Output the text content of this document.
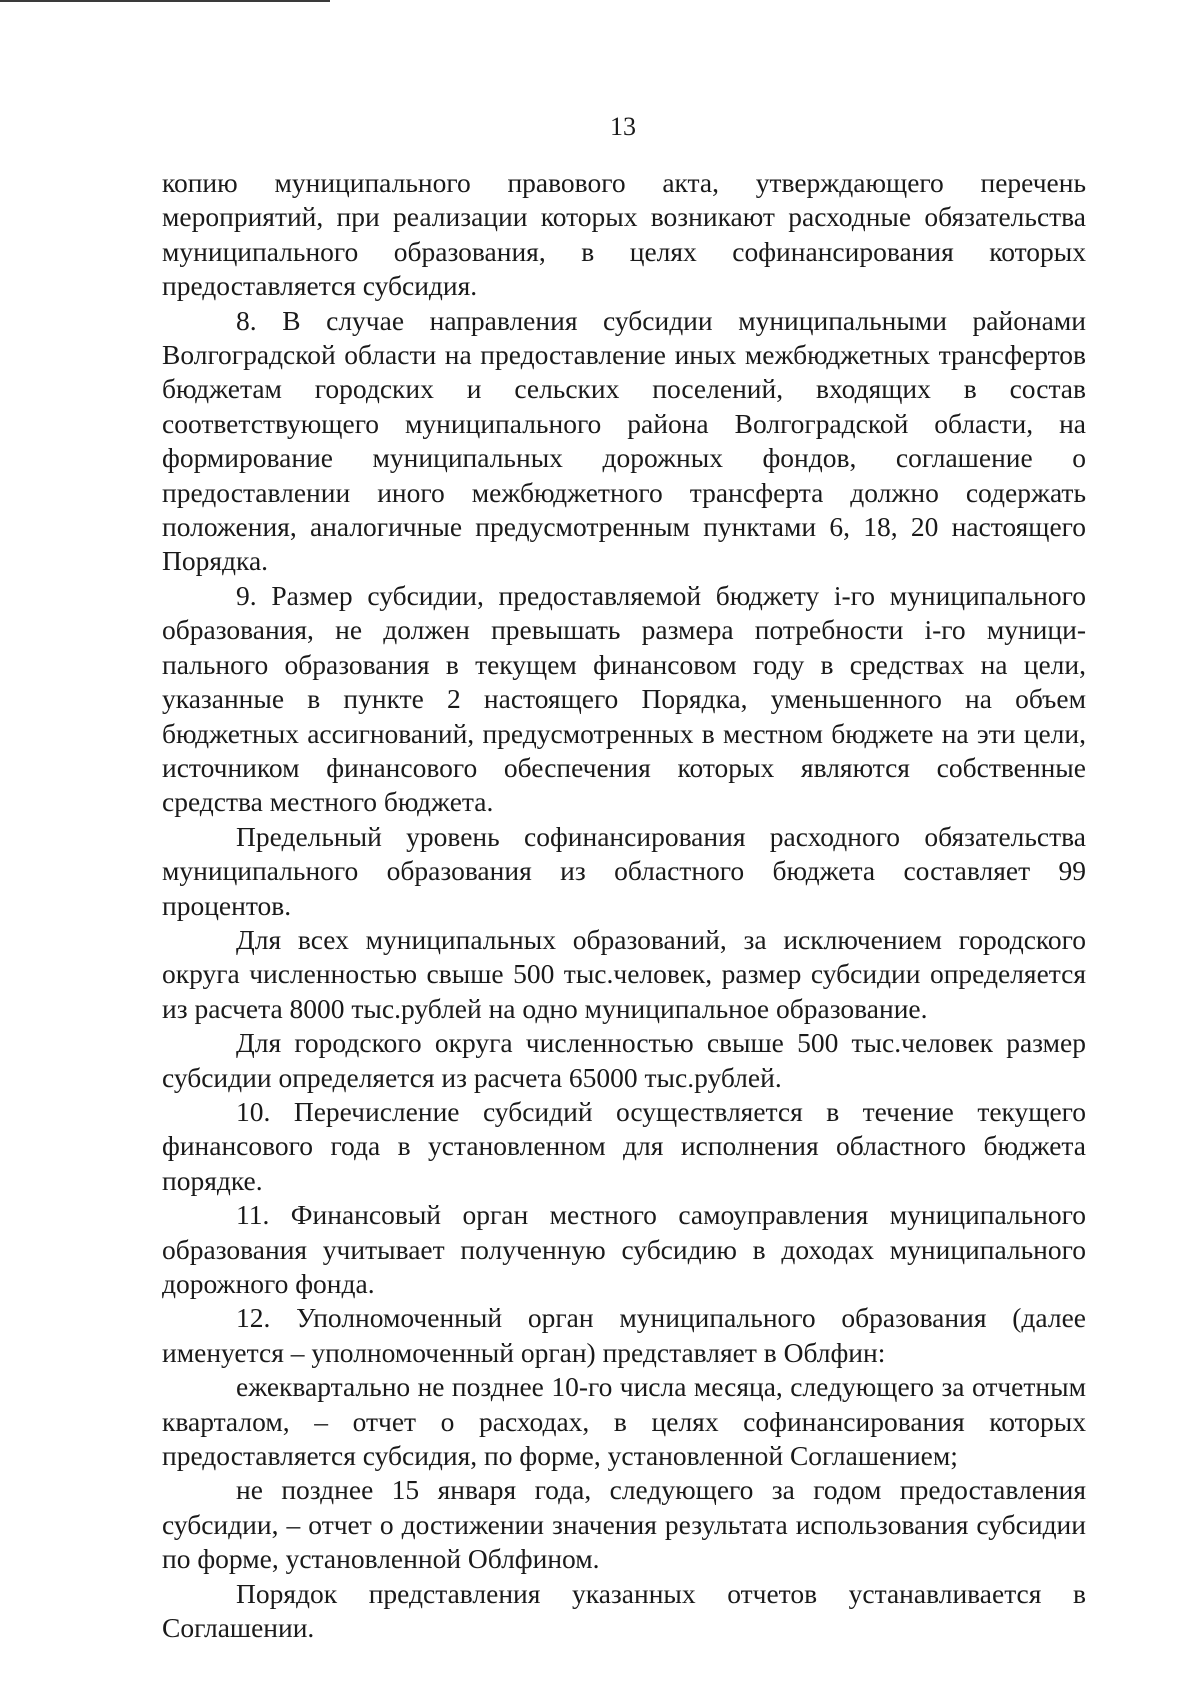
13

копию муниципального правового акта, утверждающего перечень мероприятий, при реализации которых возникают расходные обязательства муниципального образования, в целях софинансирования которых предоставляется субсидия.

8. В случае направления субсидии муниципальными районами Волгоградской области на предоставление иных межбюджетных трансфертов бюджетам городских и сельских поселений, входящих в состав соответствующего муниципального района Волгоградской области, на формирование муниципальных дорожных фондов, соглашение о предоставлении иного межбюджетного трансферта должно содержать положения, аналогичные предусмотренным пунктами 6, 18, 20 настоящего Порядка.

9. Размер субсидии, предоставляемой бюджету i-го муниципального образования, не должен превышать размера потребности i-го муници-пального образования в текущем финансовом году в средствах на цели, указанные в пункте 2 настоящего Порядка, уменьшенного на объем бюджетных ассигнований, предусмотренных в местном бюджете на эти цели, источником финансового обеспечения которых являются собственные средства местного бюджета.

Предельный уровень софинансирования расходного обязательства муниципального образования из областного бюджета составляет 99 процентов.

Для всех муниципальных образований, за исключением городского округа численностью свыше 500 тыс.человек, размер субсидии определяется из расчета 8000 тыс.рублей на одно муниципальное образование.

Для городского округа численностью свыше 500 тыс.человек размер субсидии определяется из расчета 65000 тыс.рублей.

10. Перечисление субсидий осуществляется в течение текущего финансового года в установленном для исполнения областного бюджета порядке.

11. Финансовый орган местного самоуправления муниципального образования учитывает полученную субсидию в доходах муниципального дорожного фонда.

12. Уполномоченный орган муниципального образования (далее именуется – уполномоченный орган) представляет в Облфин:

ежеквартально не позднее 10-го числа месяца, следующего за отчетным кварталом, – отчет о расходах, в целях софинансирования которых предоставляется субсидия, по форме, установленной Соглашением;

не позднее 15 января года, следующего за годом предоставления субсидии, – отчет о достижении значения результата использования субсидии по форме, установленной Облфином.

Порядок представления указанных отчетов устанавливается в Соглашении.
